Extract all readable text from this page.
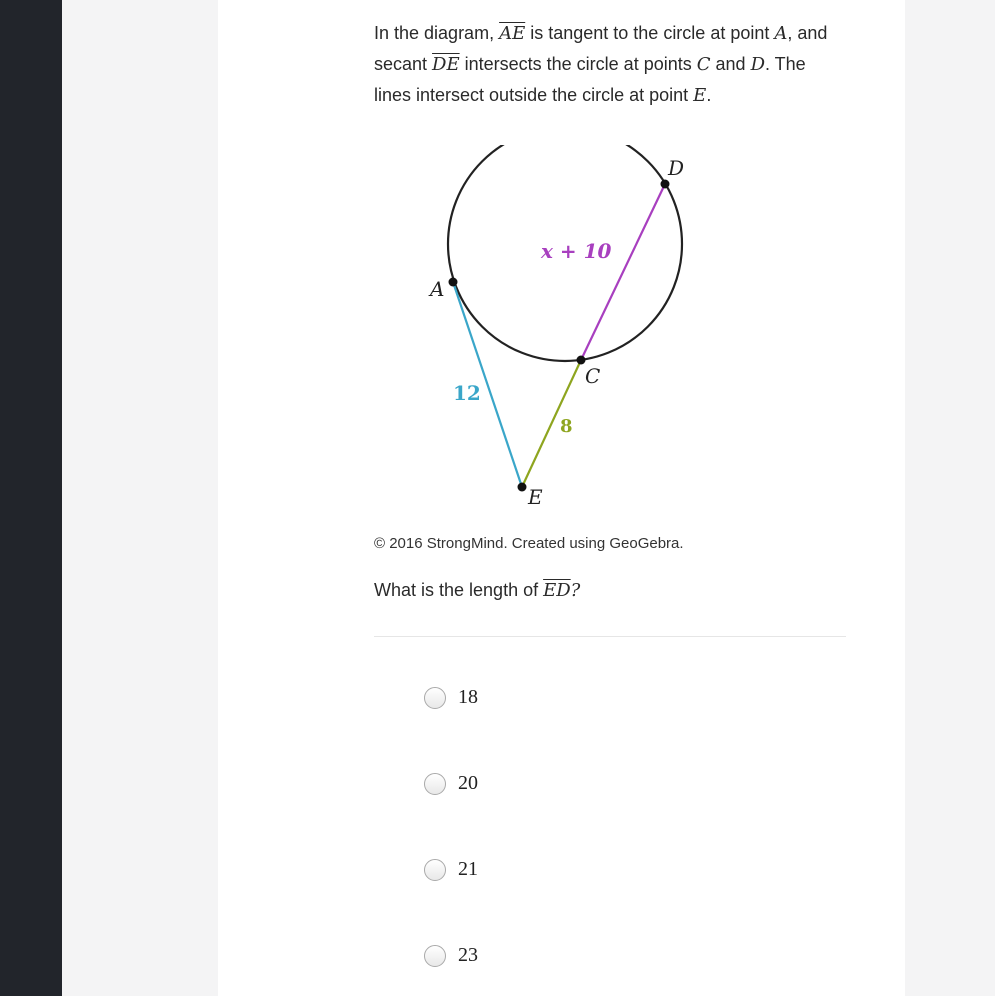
In the diagram, $\overline{AE}$ is tangent to the circle at point A, and secant $\overline{DE}$ intersects the circle at points C and D. The lines intersect outside the circle at point E.

D
A
C
E
x + 10
12
8

© 2016 StrongMind. Created using GeoGebra.

What is the length of $\overline{ED}$?

18
20
21
23
